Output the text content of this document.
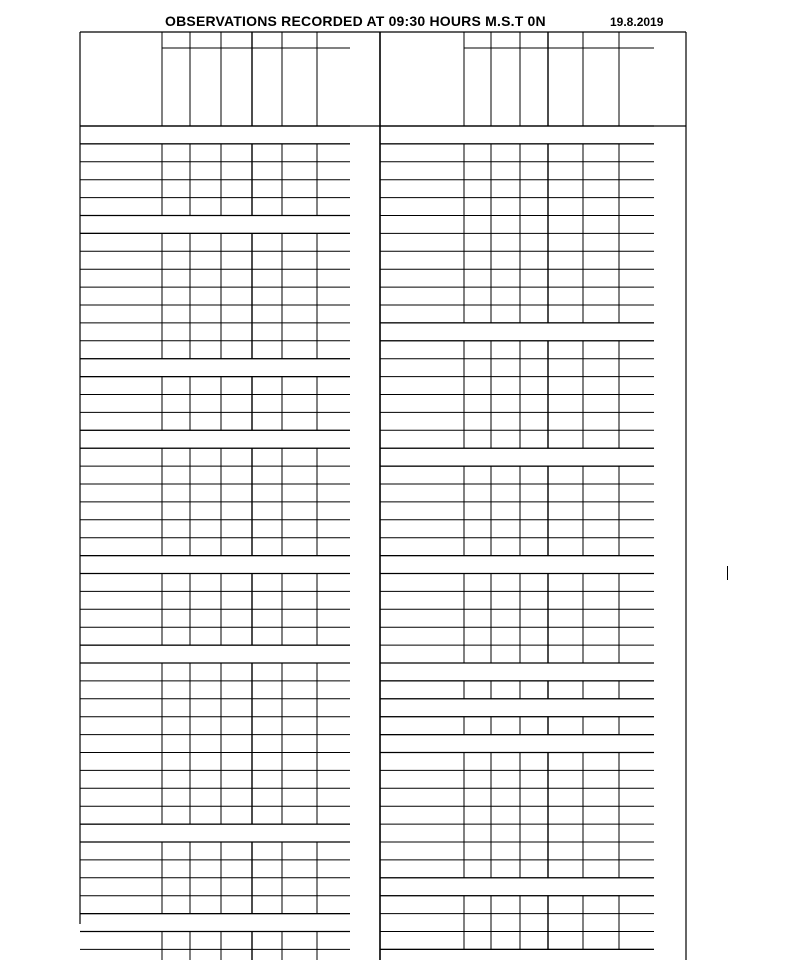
OBSERVATIONS RECORDED AT 09:30 HOURS M.S.T 0N	19.8.2019
